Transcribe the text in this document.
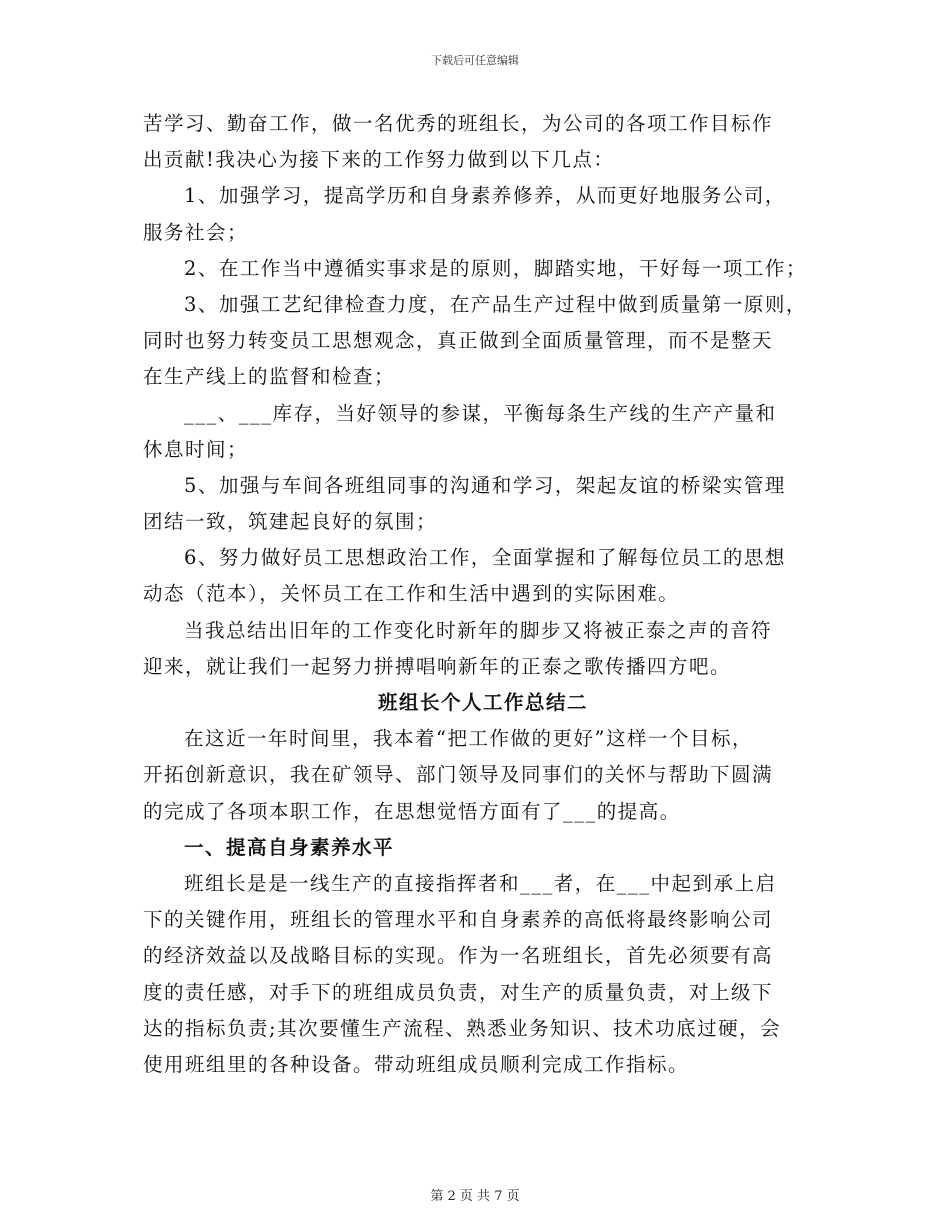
下载后可任意编辑
苦学习、勤奋工作，做一名优秀的班组长，为公司的各项工作目标作
出贡献!我决心为接下来的工作努力做到以下几点：
1、加强学习，提高学历和自身素养修养，从而更好地服务公司，
服务社会；
2、在工作当中遵循实事求是的原则，脚踏实地，干好每一项工作；
3、加强工艺纪律检查力度，在产品生产过程中做到质量第一原则，
同时也努力转变员工思想观念，真正做到全面质量管理，而不是整天
在生产线上的监督和检查；
___、___库存，当好领导的参谋，平衡每条生产线的生产产量和
休息时间；
5、加强与车间各班组同事的沟通和学习，架起友谊的桥梁实管理
团结一致，筑建起良好的氛围；
6、努力做好员工思想政治工作，全面掌握和了解每位员工的思想
动态（范本），关怀员工在工作和生活中遇到的实际困难。
当我总结出旧年的工作变化时新年的脚步又将被正泰之声的音符
迎来，就让我们一起努力拼搏唱响新年的正泰之歌传播四方吧。
班组长个人工作总结二
在这近一年时间里，我本着“把工作做的更好”这样一个目标，
开拓创新意识，我在矿领导、部门领导及同事们的关怀与帮助下圆满
的完成了各项本职工作，在思想觉悟方面有了___的提高。
一、提高自身素养水平
班组长是是一线生产的直接指挥者和___者，在___中起到承上启
下的关键作用，班组长的管理水平和自身素养的高低将最终影响公司
的经济效益以及战略目标的实现。作为一名班组长，首先必须要有高
度的责任感，对手下的班组成员负责，对生产的质量负责，对上级下
达的指标负责;其次要懂生产流程、熟悉业务知识、技术功底过硬，会
使用班组里的各种设备。带动班组成员顺利完成工作指标。
第 2 页 共 7 页
